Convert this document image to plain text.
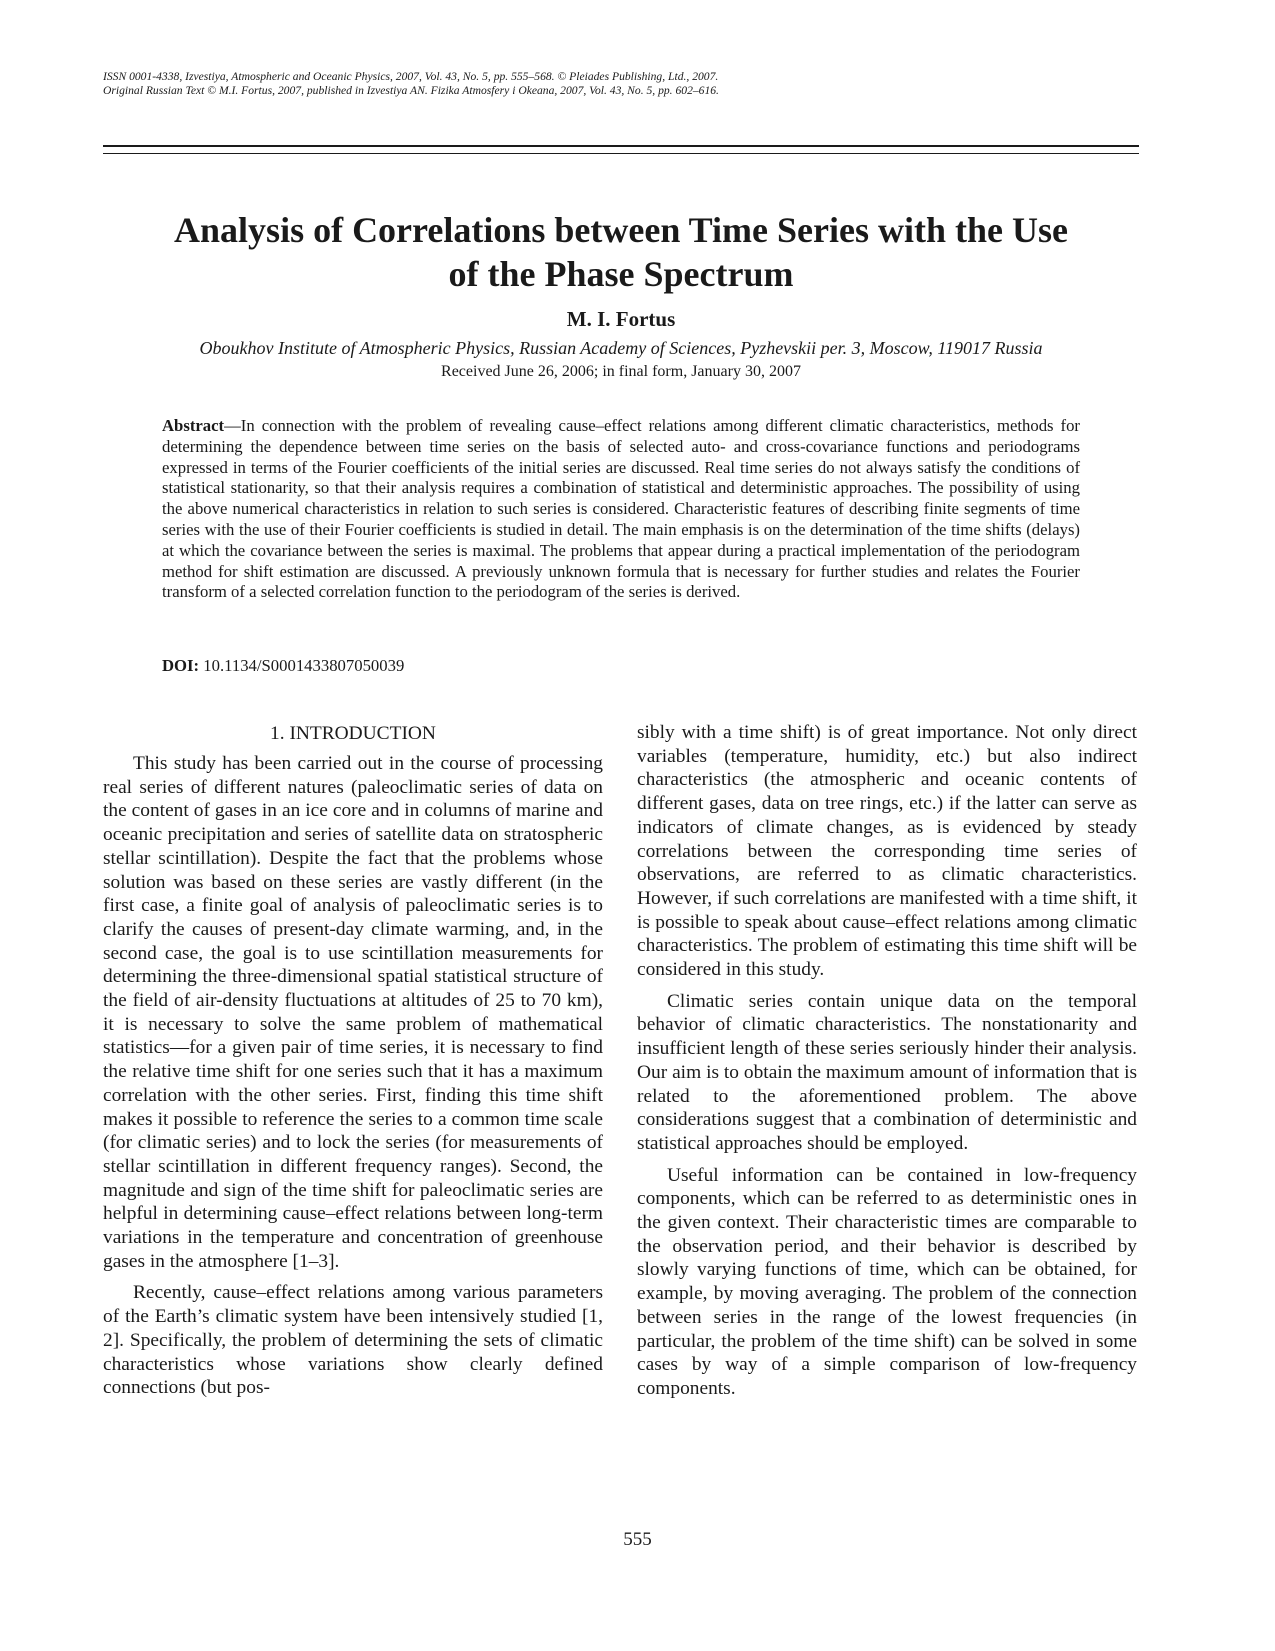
ISSN 0001-4338, Izvestiya, Atmospheric and Oceanic Physics, 2007, Vol. 43, No. 5, pp. 555–568. © Pleiades Publishing, Ltd., 2007.
Original Russian Text © M.I. Fortus, 2007, published in Izvestiya AN. Fizika Atmosfery i Okeana, 2007, Vol. 43, No. 5, pp. 602–616.
Analysis of Correlations between Time Series with the Use
of the Phase Spectrum
M. I. Fortus
Oboukhov Institute of Atmospheric Physics, Russian Academy of Sciences, Pyzhevskii per. 3, Moscow, 119017 Russia
Received June 26, 2006; in final form, January 30, 2007
Abstract—In connection with the problem of revealing cause–effect relations among different climatic characteristics, methods for determining the dependence between time series on the basis of selected auto- and cross-covariance functions and periodograms expressed in terms of the Fourier coefficients of the initial series are discussed. Real time series do not always satisfy the conditions of statistical stationarity, so that their analysis requires a combination of statistical and deterministic approaches. The possibility of using the above numerical characteristics in relation to such series is considered. Characteristic features of describing finite segments of time series with the use of their Fourier coefficients is studied in detail. The main emphasis is on the determination of the time shifts (delays) at which the covariance between the series is maximal. The problems that appear during a practical implementation of the periodogram method for shift estimation are discussed. A previously unknown formula that is necessary for further studies and relates the Fourier transform of a selected correlation function to the periodogram of the series is derived.
DOI: 10.1134/S0001433807050039
1. INTRODUCTION

This study has been carried out in the course of processing real series of different natures (paleoclimatic series of data on the content of gases in an ice core and in columns of marine and oceanic precipitation and series of satellite data on stratospheric stellar scintillation). Despite the fact that the problems whose solution was based on these series are vastly different (in the first case, a finite goal of analysis of paleoclimatic series is to clarify the causes of present-day climate warming, and, in the second case, the goal is to use scintillation measurements for determining the three-dimensional spatial statistical structure of the field of air-density fluctuations at altitudes of 25 to 70 km), it is necessary to solve the same problem of mathematical statistics—for a given pair of time series, it is necessary to find the relative time shift for one series such that it has a maximum correlation with the other series. First, finding this time shift makes it possible to reference the series to a common time scale (for climatic series) and to lock the series (for measurements of stellar scintillation in different frequency ranges). Second, the magnitude and sign of the time shift for paleoclimatic series are helpful in determining cause–effect relations between long-term variations in the temperature and concentration of greenhouse gases in the atmosphere [1–3].

Recently, cause–effect relations among various parameters of the Earth’s climatic system have been intensively studied [1, 2]. Specifically, the problem of determining the sets of climatic characteristics whose variations show clearly defined connections (but pos-

sibly with a time shift) is of great importance. Not only direct variables (temperature, humidity, etc.) but also indirect characteristics (the atmospheric and oceanic contents of different gases, data on tree rings, etc.) if the latter can serve as indicators of climate changes, as is evidenced by steady correlations between the corresponding time series of observations, are referred to as climatic characteristics. However, if such correlations are manifested with a time shift, it is possible to speak about cause–effect relations among climatic characteristics. The problem of estimating this time shift will be considered in this study.

Climatic series contain unique data on the temporal behavior of climatic characteristics. The nonstationarity and insufficient length of these series seriously hinder their analysis. Our aim is to obtain the maximum amount of information that is related to the aforementioned problem. The above considerations suggest that a combination of deterministic and statistical approaches should be employed.

Useful information can be contained in low-frequency components, which can be referred to as deterministic ones in the given context. Their characteristic times are comparable to the observation period, and their behavior is described by slowly varying functions of time, which can be obtained, for example, by moving averaging. The problem of the connection between series in the range of the lowest frequencies (in particular, the problem of the time shift) can be solved in some cases by way of a simple comparison of low-frequency components.

555
